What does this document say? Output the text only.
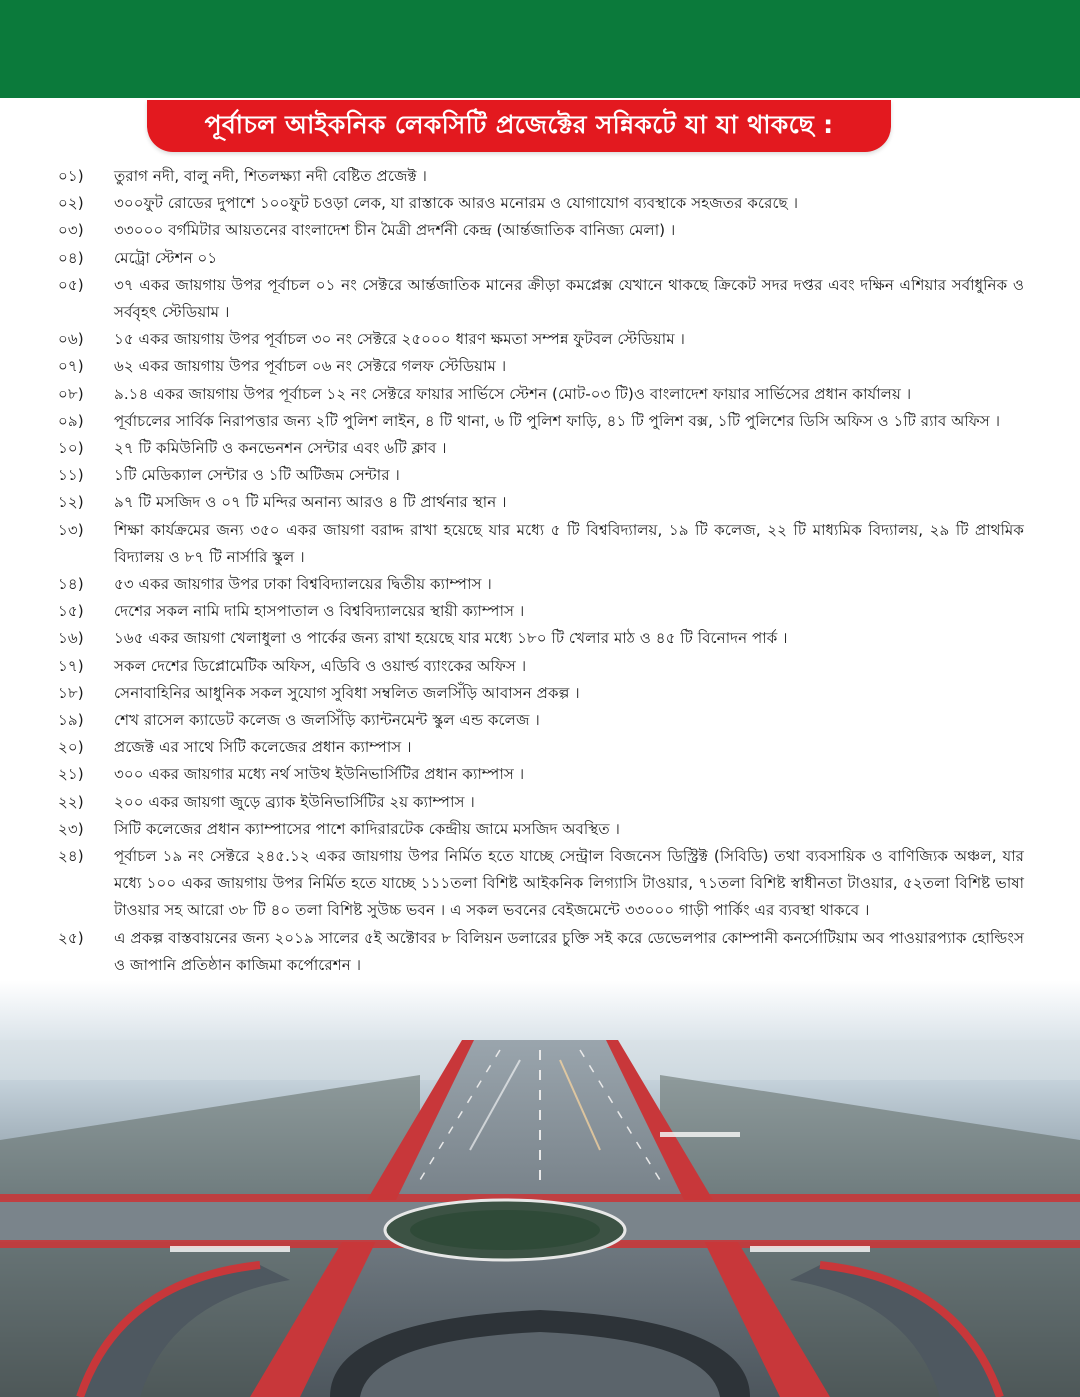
পূর্বাচল আইকনিক লেকসিটি প্রজেক্টের সন্নিকটে যা যা থাকছে :
০১)	তুরাগ নদী, বালু নদী, শিতলক্ষ্যা নদী বেষ্টিত প্রজেক্ট ।
০২)	৩০০ফুট রোডের দুপাশে ১০০ফুট চওড়া লেক, যা রাস্তাকে আরও মনোরম ও যোগাযোগ ব্যবস্থাকে সহজতর করেছে ।
০৩)	৩৩০০০ বর্গমিটার আয়তনের বাংলাদেশ চীন মৈত্রী প্রদর্শনী কেন্দ্র (আর্ন্তজাতিক বানিজ্য মেলা) ।
০৪)	মেট্রো স্টেশন ০১
০৫)	৩৭ একর জায়গায় উপর পূর্বাচল ০১ নং সেক্টরে আর্ন্তজাতিক মানের ক্রীড়া কমপ্লেক্স যেখানে থাকছে ক্রিকেট সদর দপ্তর এবং দক্ষিন এশিয়ার সর্বাধুনিক ও সর্ববৃহৎ স্টেডিয়াম ।
০৬)	১৫ একর জায়গায় উপর পূর্বাচল ৩০ নং সেক্টরে ২৫০০০ ধারণ ক্ষমতা সম্পন্ন ফুটবল স্টেডিয়াম ।
০৭)	৬২ একর জায়গায় উপর পূর্বাচল ০৬ নং সেক্টরে গলফ স্টেডিয়াম ।
০৮)	৯.১৪ একর জায়গায় উপর পূর্বাচল ১২ নং সেক্টরে ফায়ার সার্ভিসে স্টেশন (মোট-০৩ টি)ও বাংলাদেশ ফায়ার সার্ভিসের প্রধান কার্যালয় ।
০৯)	পূর্বাচলের সার্বিক নিরাপত্তার জন্য ২টি পুলিশ লাইন, ৪ টি থানা, ৬ টি পুলিশ ফাড়ি, ৪১ টি পুলিশ বক্স, ১টি পুলিশের ডিসি অফিস ও ১টি র‍্যাব অফিস ।
১০)	২৭ টি কমিউনিটি ও কনভেনশন সেন্টার এবং ৬টি ক্লাব ।
১১)	১টি মেডিক্যাল সেন্টার ও ১টি অটিজম সেন্টার ।
১২)	৯৭ টি মসজিদ ও ০৭ টি মন্দির অনান্য আরও ৪ টি প্রার্থনার স্থান ।
১৩)	শিক্ষা কার্যক্রমের জন্য ৩৫০ একর জায়গা বরাদ্দ রাখা হয়েছে যার মধ্যে ৫ টি বিশ্ববিদ্যালয়, ১৯ টি কলেজ, ২২ টি মাধ্যমিক বিদ্যালয়, ২৯ টি প্রাথমিক বিদ্যালয় ও ৮৭ টি নার্সারি স্কুল ।
১৪)	৫৩ একর জায়গার উপর ঢাকা বিশ্ববিদ্যালয়ের দ্বিতীয় ক্যাম্পাস ।
১৫)	দেশের সকল নামি দামি হাসপাতাল ও বিশ্ববিদ্যালয়ের স্থায়ী ক্যাম্পাস ।
১৬)	১৬৫ একর জায়গা খেলাধুলা ও পার্কের জন্য রাখা হয়েছে যার মধ্যে ১৮০ টি খেলার মাঠ ও ৪৫ টি বিনোদন পার্ক ।
১৭)	সকল দেশের ডিপ্লোমেটিক অফিস, এডিবি ও ওয়ার্ল্ড ব্যাংকের অফিস ।
১৮)	সেনাবাহিনির আধুনিক সকল সুযোগ সুবিধা সম্বলিত জলসিঁড়ি আবাসন প্রকল্প ।
১৯)	শেখ রাসেল ক্যাডেট কলেজ ও জলসিঁড়ি ক্যান্টনমেন্ট স্কুল এন্ড কলেজ ।
২০)	প্রজেক্ট এর সাথে সিটি কলেজের প্রধান ক্যাম্পাস ।
২১)	৩০০ একর জায়গার মধ্যে নর্থ সাউথ ইউনিভার্সিটির প্রধান ক্যাম্পাস ।
২২)	২০০ একর জায়গা জুড়ে ব্র্যাক ইউনিভার্সিটির ২য় ক্যাম্পাস ।
২৩)	সিটি কলেজের প্রধান ক্যাম্পাসের পাশে কাদিরারটেক কেন্দ্রীয় জামে মসজিদ অবস্থিত ।
২৪)	পূর্বাচল ১৯ নং সেক্টরে ২৪৫.১২ একর জায়গায় উপর নির্মিত হতে যাচ্ছে সেন্ট্রাল বিজনেস ডিস্ট্রিক্ট (সিবিডি) তথা ব্যবসায়িক ও বাণিজ্যিক অঞ্চল, যার মধ্যে ১০০ একর জায়গায় উপর নির্মিত হতে যাচ্ছে ১১১তলা বিশিষ্ট আইকনিক লিগ্যাসি টাওয়ার, ৭১তলা বিশিষ্ট স্বাধীনতা টাওয়ার, ৫২তলা বিশিষ্ট ভাষা টাওয়ার সহ আরো ৩৮ টি ৪০ তলা বিশিষ্ট সুউচ্চ ভবন । এ সকল ভবনের বেইজমেন্টে ৩৩০০০ গাড়ী পার্কিং এর ব্যবস্থা থাকবে ।
২৫)	এ প্রকল্প বাস্তবায়নের জন্য ২০১৯ সালের ৫ই অক্টোবর ৮ বিলিয়ন ডলারের চুক্তি সই করে ডেভেলপার কোম্পানী কনর্সোটিয়াম অব পাওয়ারপ্যাক হোল্ডিংস ও জাপানি প্রতিষ্ঠান কাজিমা কর্পোরেশন ।
